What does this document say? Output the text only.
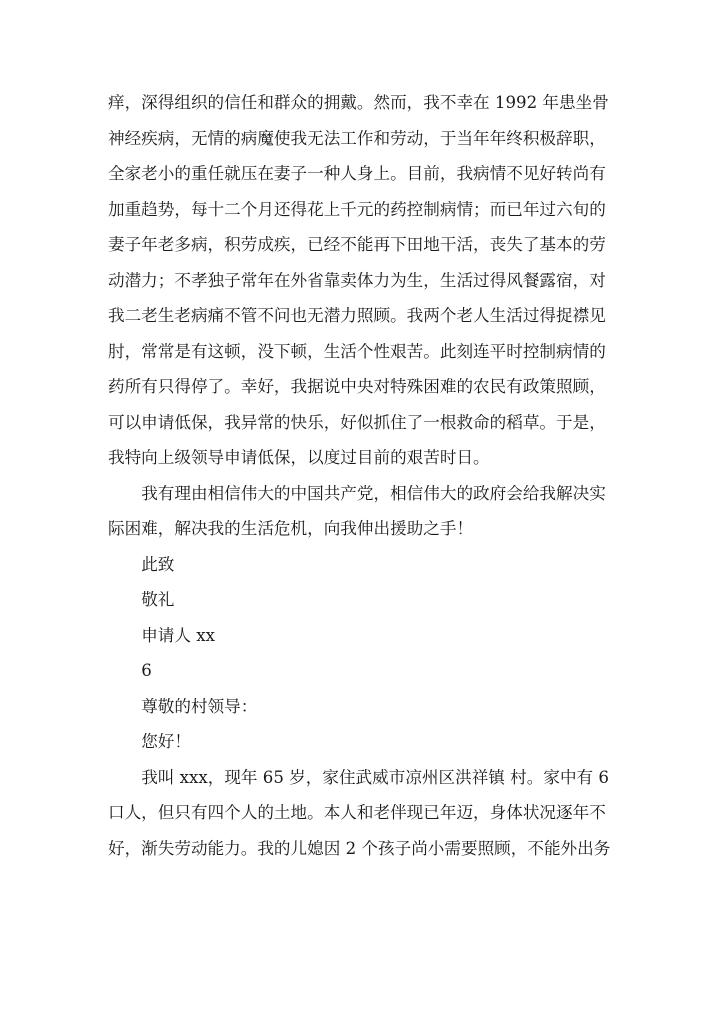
痒，深得组织的信任和群众的拥戴。然而，我不幸在 1992 年患坐骨
神经疾病，无情的病魔使我无法工作和劳动，于当年年终积极辞职，
全家老小的重任就压在妻子一种人身上。目前，我病情不见好转尚有
加重趋势，每十二个月还得花上千元的药控制病情；而已年过六旬的
妻子年老多病，积劳成疾，已经不能再下田地干活，丧失了基本的劳
动潜力；不孝独子常年在外省靠卖体力为生，生活过得风餐露宿，对
我二老生老病痛不管不问也无潜力照顾。我两个老人生活过得捉襟见
肘，常常是有这顿，没下顿，生活个性艰苦。此刻连平时控制病情的
药所有只得停了。幸好，我据说中央对特殊困难的农民有政策照顾，
可以申请低保，我异常的快乐，好似抓住了一根救命的稻草。于是，
我特向上级领导申请低保，以度过目前的艰苦时日。
我有理由相信伟大的中国共产党，相信伟大的政府会给我解决实
际困难，解决我的生活危机，向我伸出援助之手！

此致

敬礼

申请人 xx

6

尊敬的村领导：

您好！

我叫 xxx，现年 65 岁，家住武威市凉州区洪祥镇 村。家中有 6
口人，但只有四个人的土地。本人和老伴现已年迈，身体状况逐年不
好，渐失劳动能力。我的儿媳因 2 个孩子尚小需要照顾，不能外出务
